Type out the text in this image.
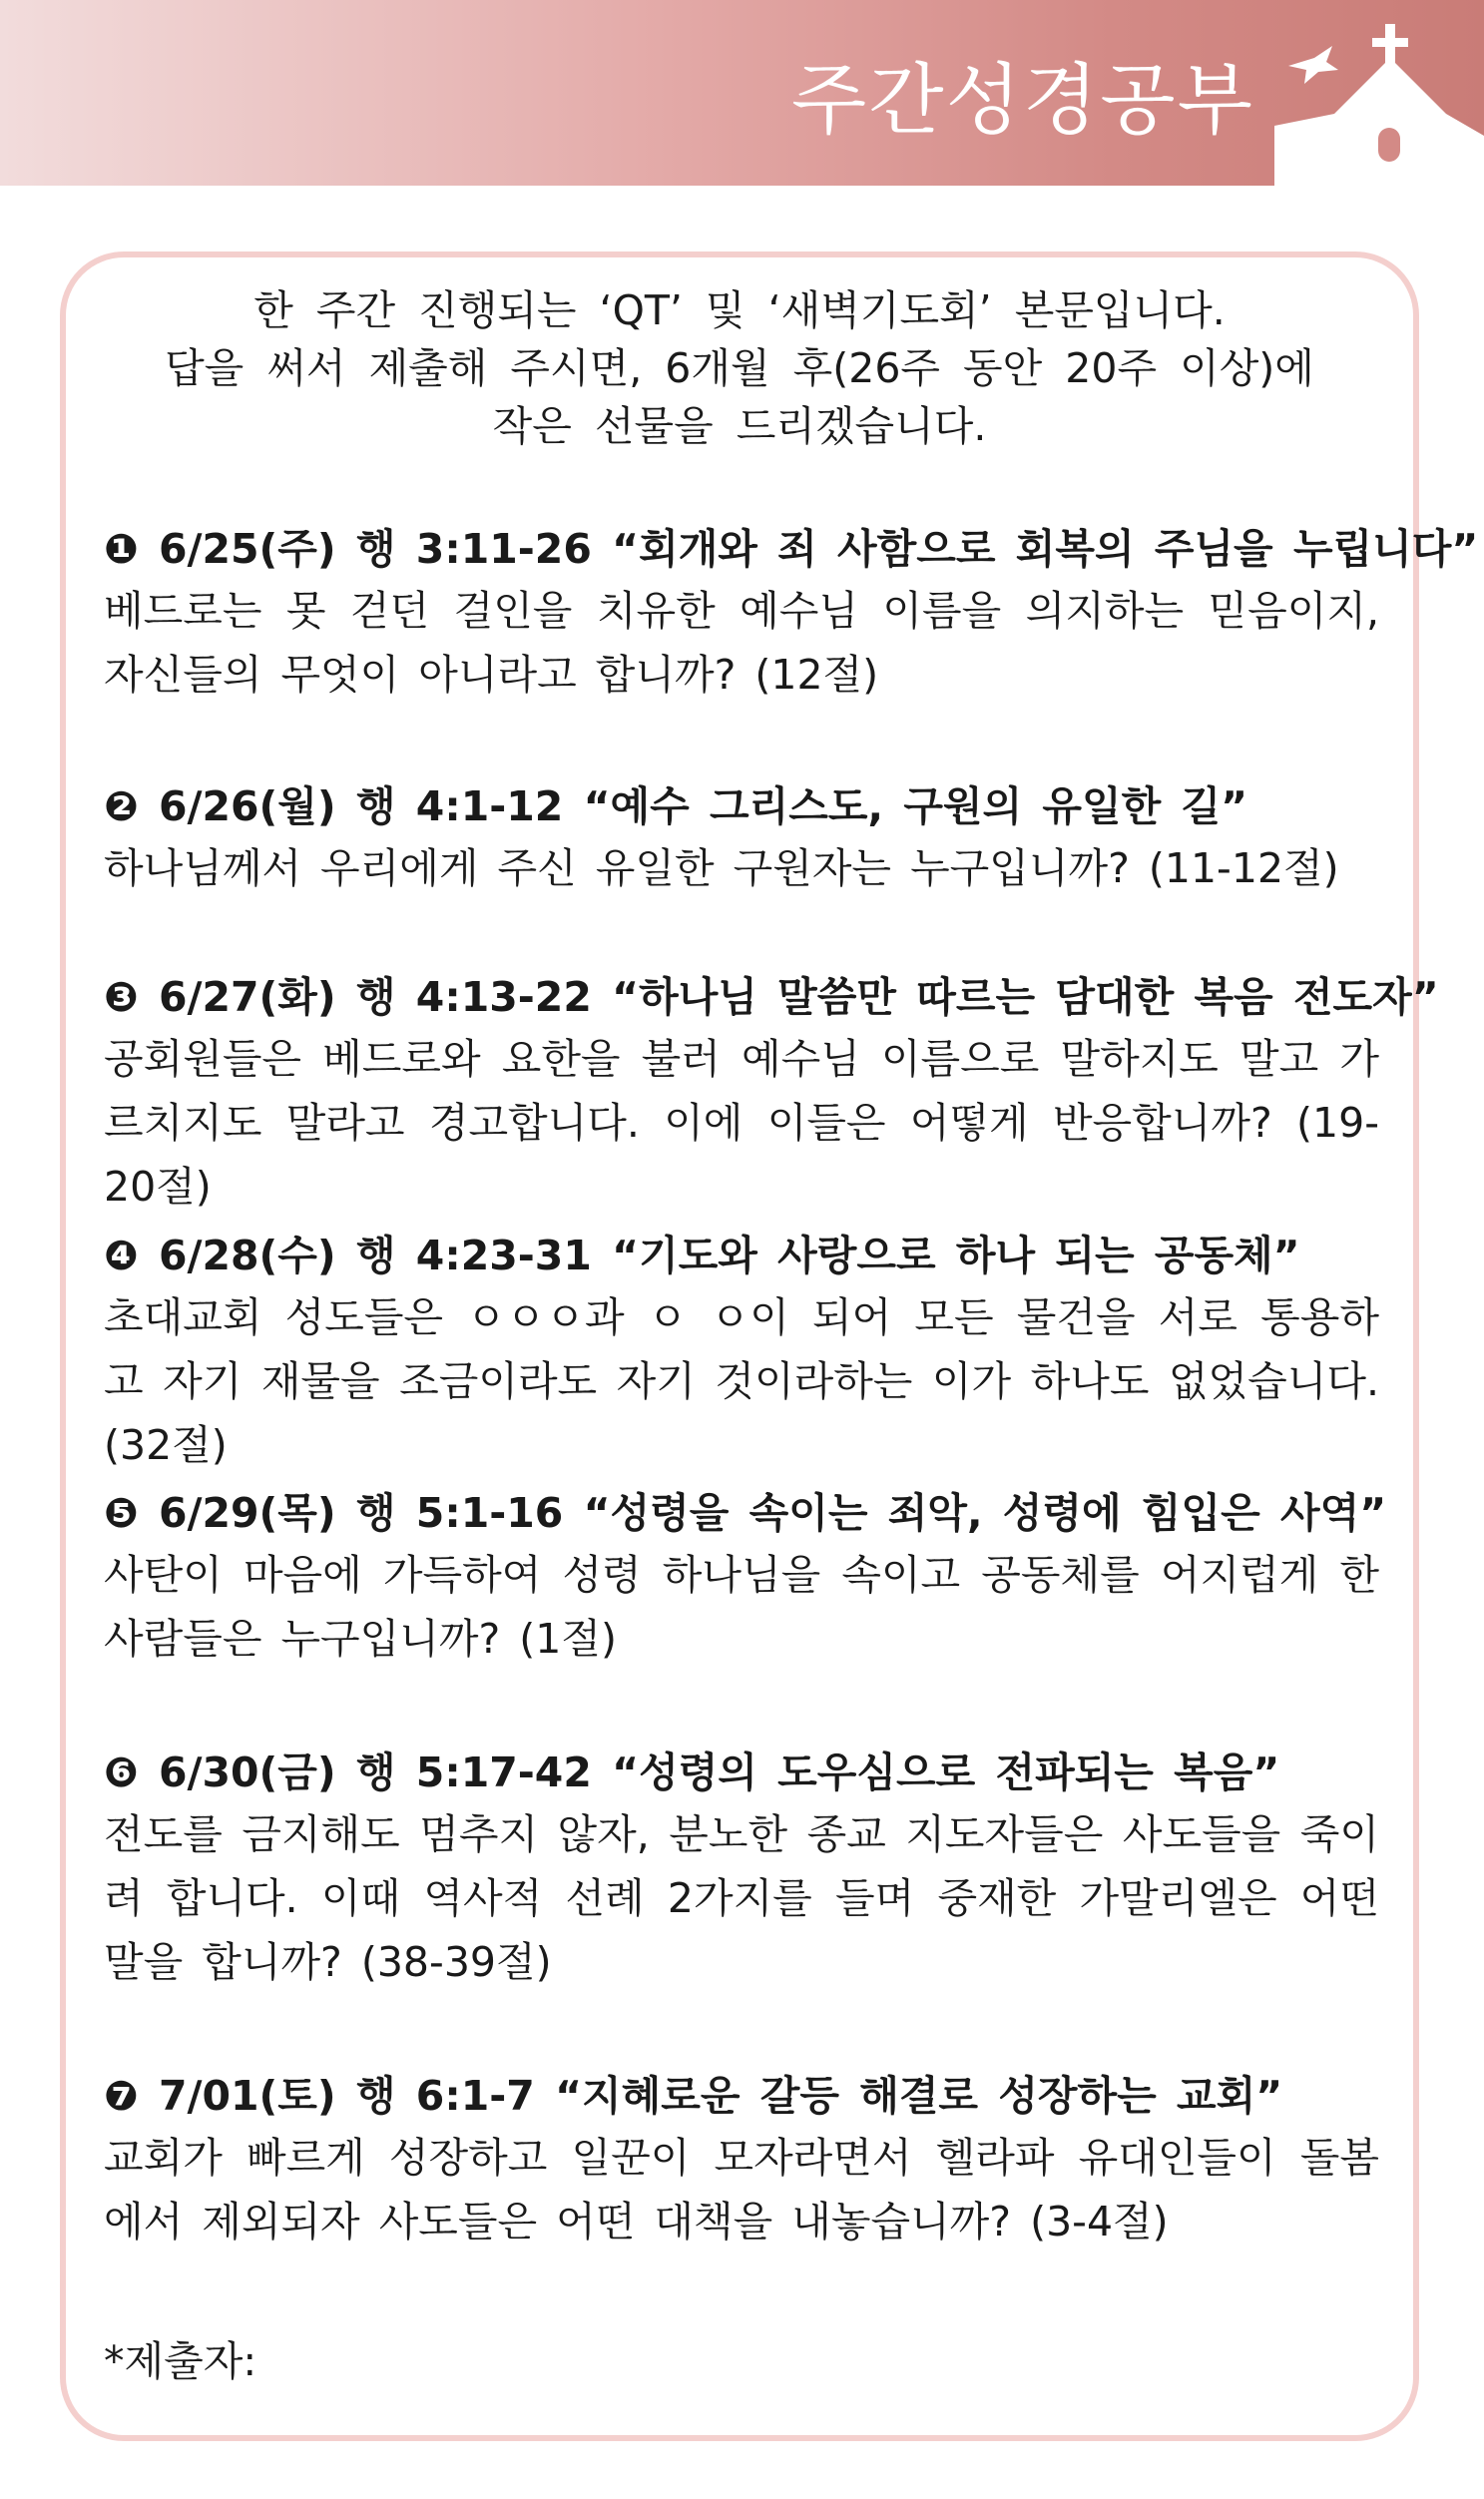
주간성경공부
한 주간 진행되는 ‘QT’ 및 ‘새벽기도회’ 본문입니다.
답을 써서 제출해 주시면, 6개월 후(26주 동안 20주 이상)에
작은 선물을 드리겠습니다.
❶ 6/25(주) 행 3:11-26 “회개와 죄 사함으로 회복의 주님을 누립니다”
베드로는 못 걷던 걸인을 치유한 예수님 이름을 의지하는 믿음이지, 자신들의 무엇이 아니라고 합니까? (12절)
❷ 6/26(월) 행 4:1-12 “예수 그리스도, 구원의 유일한 길”
하나님께서 우리에게 주신 유일한 구원자는 누구입니까? (11-12절)
❸ 6/27(화) 행 4:13-22 “하나님 말씀만 따르는 담대한 복음 전도자”
공회원들은 베드로와 요한을 불러 예수님 이름으로 말하지도 말고 가르치지도 말라고 경고합니다. 이에 이들은 어떻게 반응합니까? (19-20절)
❹ 6/28(수) 행 4:23-31 “기도와 사랑으로 하나 되는 공동체”
초대교회 성도들은 ㅇㅇㅇ과 ㅇ ㅇ이 되어 모든 물건을 서로 통용하고 자기 재물을 조금이라도 자기 것이라하는 이가 하나도 없었습니다.(32절)
❺ 6/29(목) 행 5:1-16 “성령을 속이는 죄악, 성령에 힘입은 사역”
사탄이 마음에 가득하여 성령 하나님을 속이고 공동체를 어지럽게 한 사람들은 누구입니까? (1절)
❻ 6/30(금) 행 5:17-42 “성령의 도우심으로 전파되는 복음”
전도를 금지해도 멈추지 않자, 분노한 종교 지도자들은 사도들을 죽이려 합니다. 이때 역사적 선례 2가지를 들며 중재한 가말리엘은 어떤 말을 합니까? (38-39절)
❼ 7/01(토) 행 6:1-7 “지혜로운 갈등 해결로 성장하는 교회”
교회가 빠르게 성장하고 일꾼이 모자라면서 헬라파 유대인들이 돌봄에서 제외되자 사도들은 어떤 대책을 내놓습니까? (3-4절)
*제출자:
